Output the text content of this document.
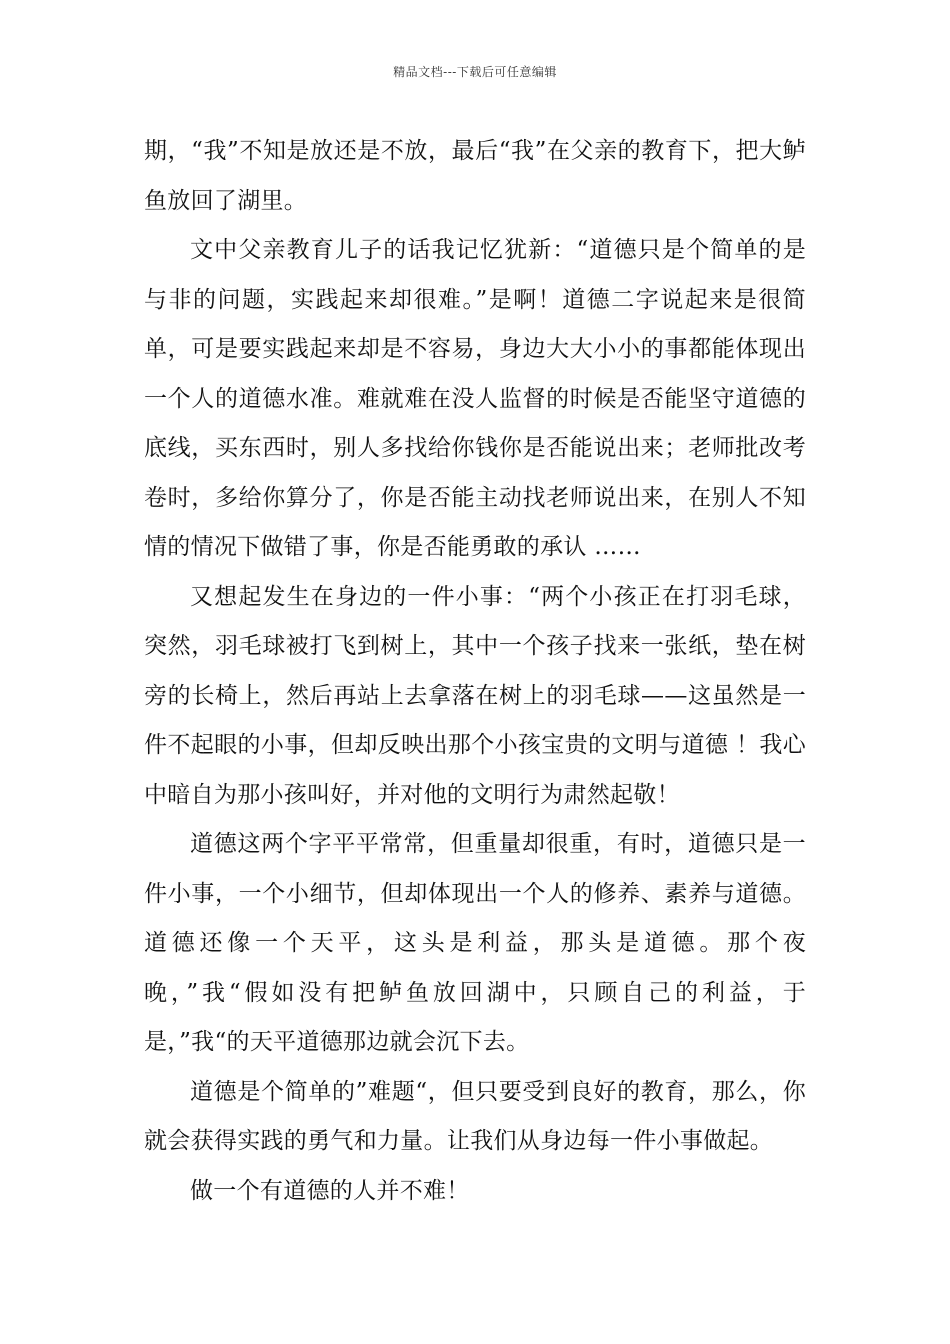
精品文档---下载后可任意编辑

期，“我”不知是放还是不放，最后“我”在父亲的教育下，把大鲈鱼放回了湖里。

文中父亲教育儿子的话我记忆犹新：“道德只是个简单的是与非的问题，实践起来却很难。”是啊！道德二字说起来是很简单，可是要实践起来却是不容易，身边大大小小的事都能体现出一个人的道德水准。难就难在没人监督的时候是否能坚守道德的底线，买东西时，别人多找给你钱你是否能说出来；老师批改考卷时，多给你算分了，你是否能主动找老师说出来，在别人不知情的情况下做错了事，你是否能勇敢的承认 ……

又想起发生在身边的一件小事：“两个小孩正在打羽毛球，突然，羽毛球被打飞到树上，其中一个孩子找来一张纸，垫在树旁的长椅上，然后再站上去拿落在树上的羽毛球——这虽然是一件不起眼的小事，但却反映出那个小孩宝贵的文明与道德 ！我心中暗自为那小孩叫好，并对他的文明行为肃然起敬！

道德这两个字平平常常，但重量却很重，有时，道德只是一件小事，一个小细节，但却体现出一个人的修养、素养与道德。道德还像一个天平，这头是利益，那头是道德。那个夜晚，”我“假如没有把鲈鱼放回湖中，只顾自己的利益，于是，”我“的天平道德那边就会沉下去。

道德是个简单的”难题“，但只要受到良好的教育，那么，你就会获得实践的勇气和力量。让我们从身边每一件小事做起。

做一个有道德的人并不难！
